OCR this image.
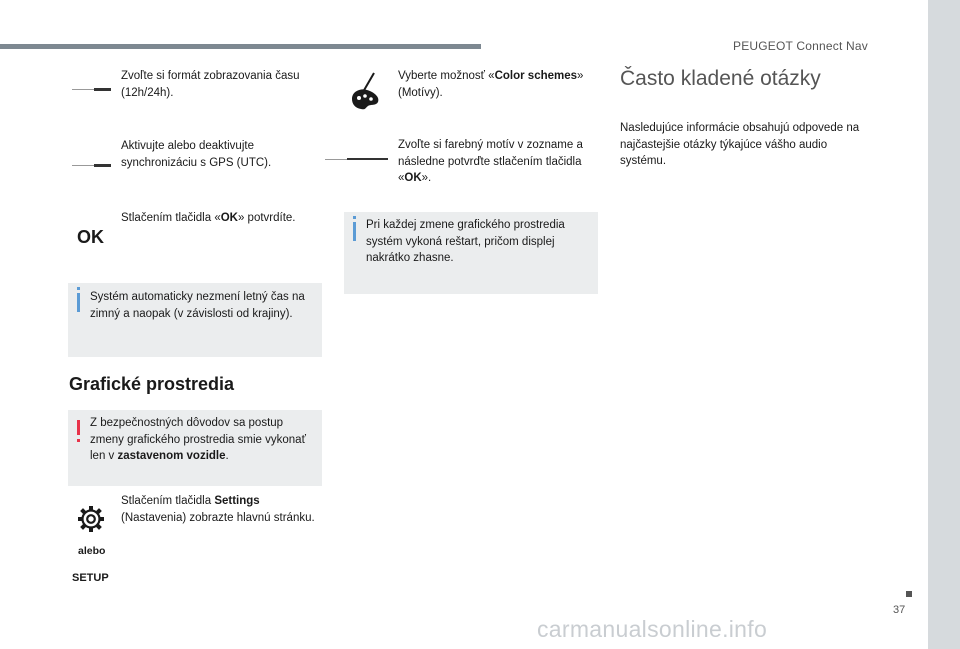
PEUGEOT Connect Nav
Zvoľte si formát zobrazovania času (12h/24h).
Aktivujte alebo deaktivujte synchronizáciu s GPS (UTC).
OK
Stlačením tlačidla «OK» potvrdíte.
Systém automaticky nezmení letný čas na zimný a naopak (v závislosti od krajiny).
Grafické prostredia
Z bezpečnostných dôvodov sa postup zmeny grafického prostredia smie vykonať len v zastavenom vozidle.
Stlačením tlačidla Settings (Nastavenia) zobrazte hlavnú stránku.
alebo
SETUP
Vyberte možnosť «Color schemes» (Motívy).
Zvoľte si farebný motív v zozname a následne potvrďte stlačením tlačidla «OK».
Pri každej zmene grafického prostredia systém vykoná reštart, pričom displej nakrátko zhasne.
Často kladené otázky
Nasledujúce informácie obsahujú odpovede na najčastejšie otázky týkajúce vášho audio systému.
37
carmanualsonline.info
